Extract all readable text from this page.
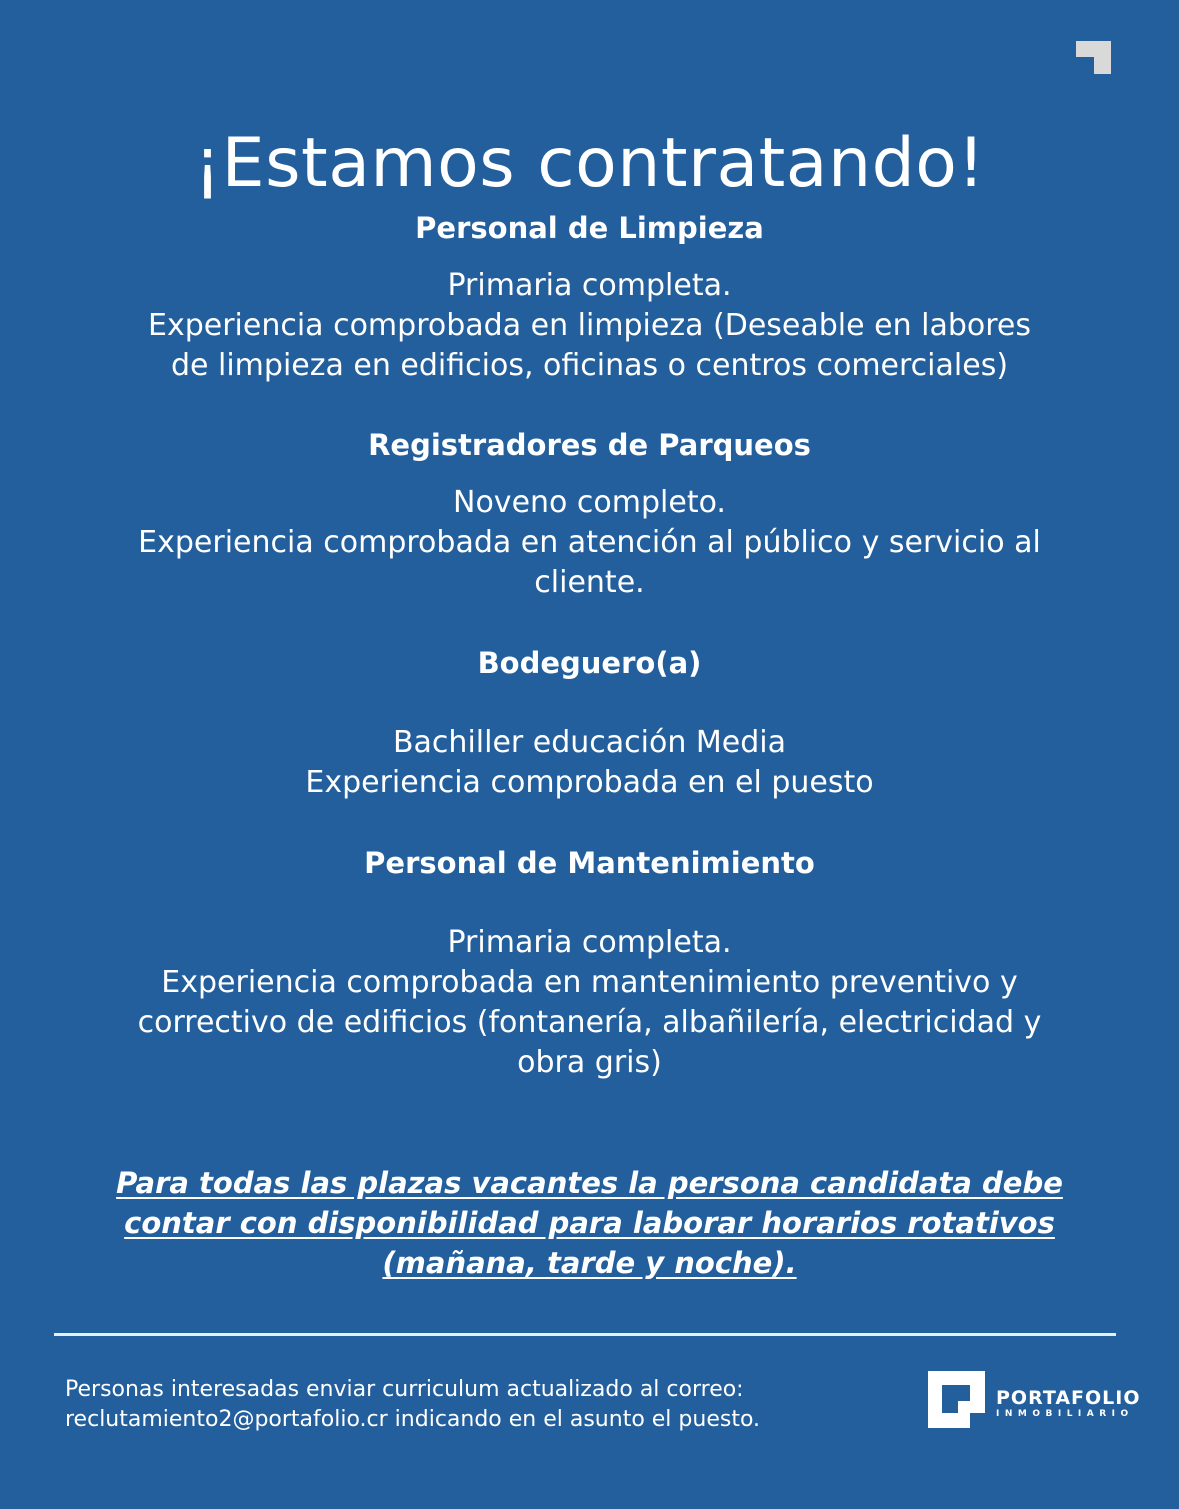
¡Estamos contratando!
Personal de Limpieza
Primaria completa.
Experiencia comprobada en limpieza (Deseable en labores
de limpieza en edificios, oficinas o centros comerciales)
Registradores de Parqueos
Noveno completo.
Experiencia comprobada en atención al público y servicio al
cliente.
Bodeguero(a)
Bachiller educación Media
Experiencia comprobada en el puesto
Personal de Mantenimiento
Primaria completa.
Experiencia comprobada en mantenimiento preventivo y
correctivo de edificios (fontanería, albañilería, electricidad y
obra gris)
Para todas las plazas vacantes la persona candidata debe
contar con disponibilidad para laborar horarios rotativos
(mañana, tarde y noche).
Personas interesadas enviar curriculum actualizado al correo:
reclutamiento2@portafolio.cr indicando en el asunto el puesto.
PORTAFOLIO
INMOBILIARIO
